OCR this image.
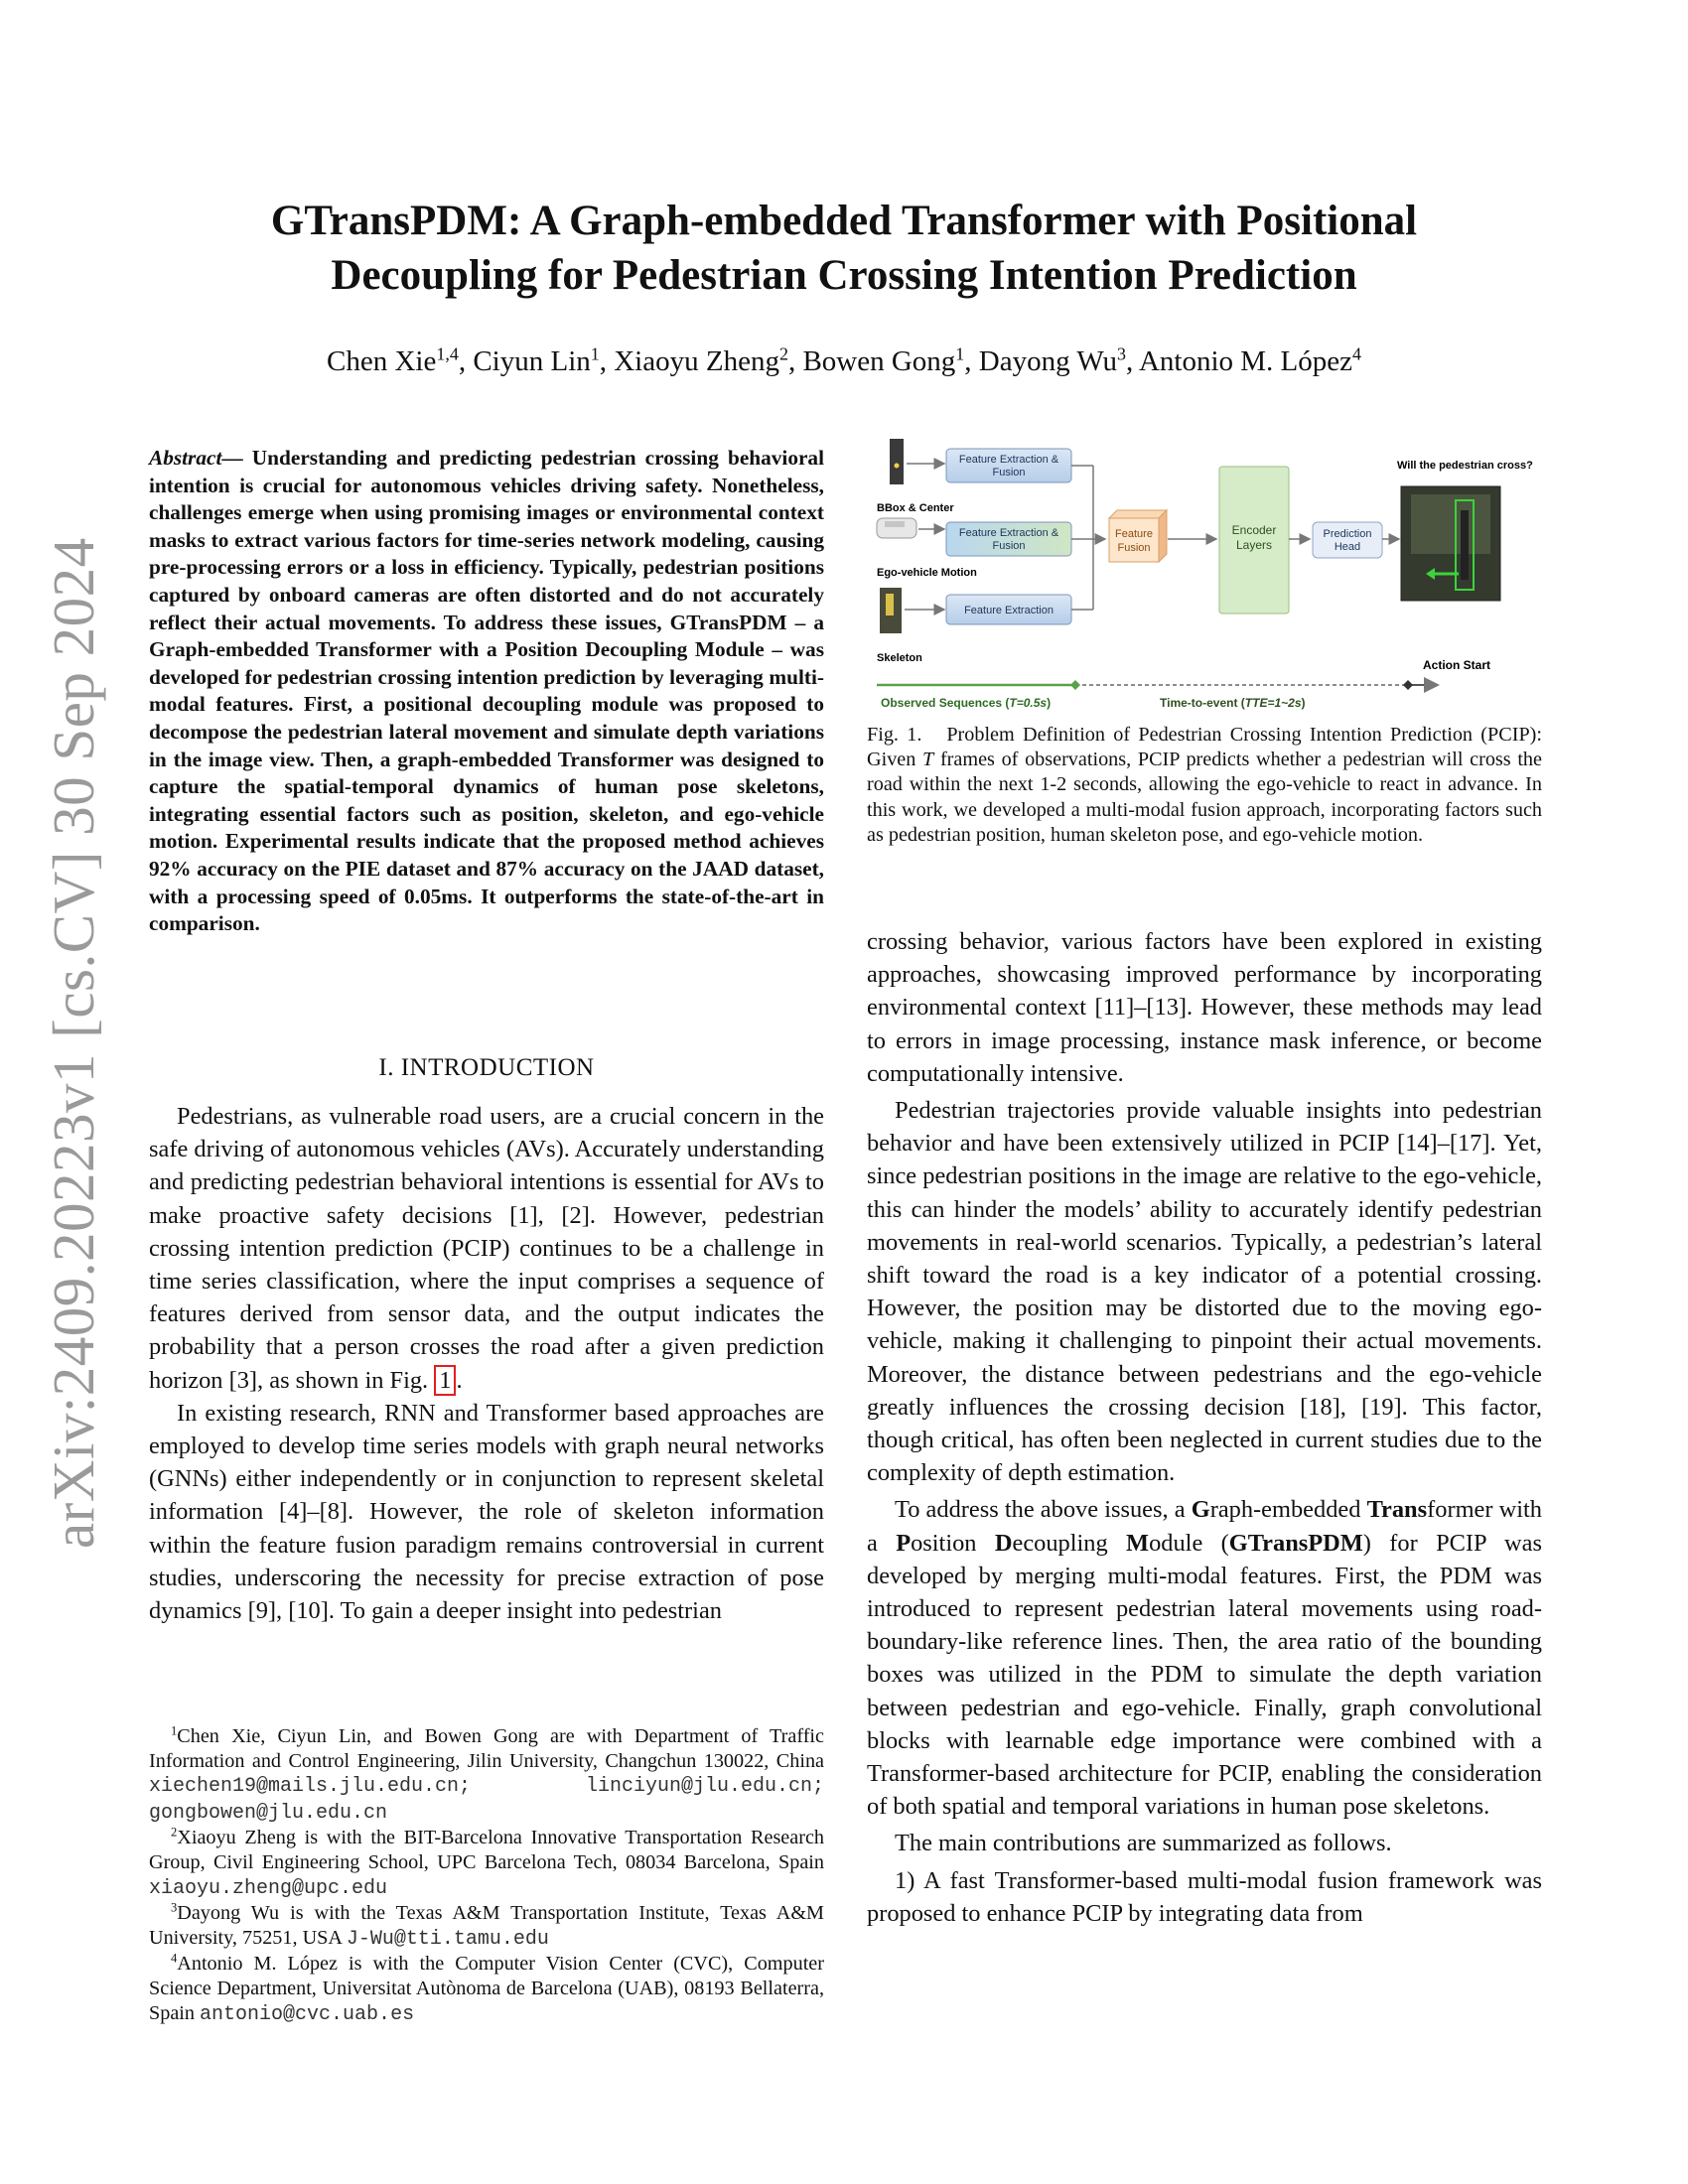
arXiv:2409.20223v1 [cs.CV] 30 Sep 2024
GTransPDM: A Graph-embedded Transformer with Positional
Decoupling for Pedestrian Crossing Intention Prediction
Chen Xie$^{1,4}$, Ciyun Lin$^1$, Xiaoyu Zheng$^2$, Bowen Gong$^1$, Dayong Wu$^3$, Antonio M. López$^4$
Abstract— Understanding and predicting pedestrian crossing behavioral intention is crucial for autonomous vehicles driving safety. Nonetheless, challenges emerge when using promising images or environmental context masks to extract various factors for time-series network modeling, causing pre-processing errors or a loss in efficiency. Typically, pedestrian positions captured by onboard cameras are often distorted and do not accurately reflect their actual movements. To address these issues, GTransPDM – a Graph-embedded Transformer with a Position Decoupling Module – was developed for pedestrian crossing intention prediction by leveraging multi-modal features. First, a positional decoupling module was proposed to decompose the pedestrian lateral movement and simulate depth variations in the image view. Then, a graph-embedded Transformer was designed to capture the spatial-temporal dynamics of human pose skeletons, integrating essential factors such as position, skeleton, and ego-vehicle motion. Experimental results indicate that the proposed method achieves 92% accuracy on the PIE dataset and 87% accuracy on the JAAD dataset, with a processing speed of 0.05ms. It outperforms the state-of-the-art in comparison.
I. INTRODUCTION

Pedestrians, as vulnerable road users, are a crucial concern in the safe driving of autonomous vehicles (AVs). Accurately understanding and predicting pedestrian behavioral intentions is essential for AVs to make proactive safety decisions [1], [2]. However, pedestrian crossing intention prediction (PCIP) continues to be a challenge in time series classification, where the input comprises a sequence of features derived from sensor data, and the output indicates the probability that a person crosses the road after a given prediction horizon [3], as shown in Fig. 1 .

In existing research, RNN and Transformer based approaches are employed to develop time series models with graph neural networks (GNNs) either independently or in conjunction to represent skeletal information [4]–[8]. However, the role of skeleton information within the feature fusion paradigm remains controversial in current studies, underscoring the necessity for precise extraction of pose dynamics [9], [10]. To gain a deeper insight into pedestrian

$^1$Chen Xie, Ciyun Lin, and Bowen Gong are with Department of Traffic Information and Control Engineering, Jilin University, Changchun 130022, China xiechen19@mails.jlu.edu.cn; linciyun@jlu.edu.cn; gongbowen@jlu.edu.cn

$^2$Xiaoyu Zheng is with the BIT-Barcelona Innovative Transportation Research Group, Civil Engineering School, UPC Barcelona Tech, 08034 Barcelona, Spain xiaoyu.zheng@upc.edu

$^3$Dayong Wu is with the Texas A&M Transportation Institute, Texas A&M University, 75251, USA J-Wu@tti.tamu.edu

$^4$Antonio M. López is with the Computer Vision Center (CVC), Computer Science Department, Universitat Autònoma de Barcelona (UAB), 08193 Bellaterra, Spain antonio@cvc.uab.es

BBox & Center
Ego-vehicle Motion
Skeleton
Feature Extraction &
Fusion
Feature Extraction &
Fusion
Feature Extraction
Feature
Fusion
Encoder
Layers
Prediction
Head
Will the pedestrian cross?
Observed Sequences (T=0.5s)	Time-to-event (TTE=1~2s)
Action Start
Fig. 1. Problem Definition of Pedestrian Crossing Intention Prediction (PCIP): Given T frames of observations, PCIP predicts whether a pedestrian will cross the road within the next 1-2 seconds, allowing the ego-vehicle to react in advance. In this work, we developed a multi-modal fusion approach, incorporating factors such as pedestrian position, human skeleton pose, and ego-vehicle motion.

crossing behavior, various factors have been explored in existing approaches, showcasing improved performance by incorporating environmental context [11]–[13]. However, these methods may lead to errors in image processing, instance mask inference, or become computationally intensive.

Pedestrian trajectories provide valuable insights into pedestrian behavior and have been extensively utilized in PCIP [14]–[17]. Yet, since pedestrian positions in the image are relative to the ego-vehicle, this can hinder the models’ ability to accurately identify pedestrian movements in real-world scenarios. Typically, a pedestrian’s lateral shift toward the road is a key indicator of a potential crossing. However, the position may be distorted due to the moving ego-vehicle, making it challenging to pinpoint their actual movements. Moreover, the distance between pedestrians and the ego-vehicle greatly influences the crossing decision [18], [19]. This factor, though critical, has often been neglected in current studies due to the complexity of depth estimation.

To address the above issues, a Graph-embedded Transformer with a Position Decoupling Module (GTransPDM) for PCIP was developed by merging multi-modal features. First, the PDM was introduced to represent pedestrian lateral movements using road-boundary-like reference lines. Then, the area ratio of the bounding boxes was utilized in the PDM to simulate the depth variation between pedestrian and ego-vehicle. Finally, graph convolutional blocks with learnable edge importance were combined with a Transformer-based architecture for PCIP, enabling the consideration of both spatial and temporal variations in human pose skeletons.

The main contributions are summarized as follows.

1) A fast Transformer-based multi-modal fusion framework was proposed to enhance PCIP by integrating data from
